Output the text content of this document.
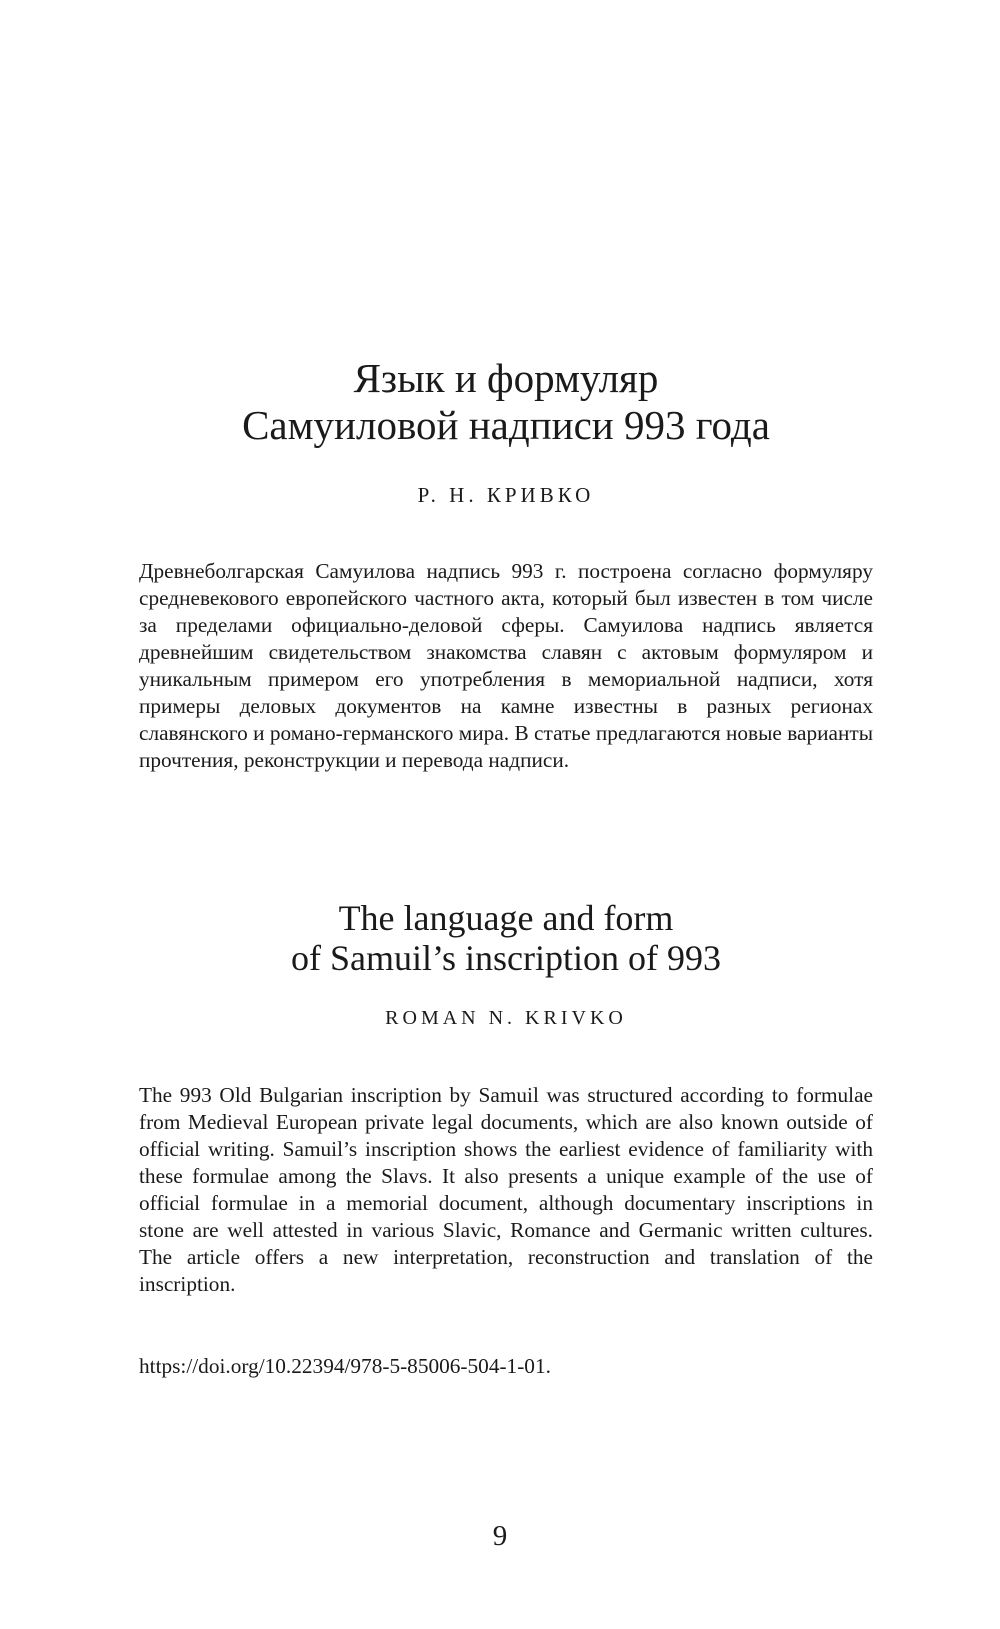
Язык и формуляр
Самуиловой надписи 993 года

Р. Н. КРИВКО

Древнеболгарская Самуилова надпись 993 г. построена согласно формуляру средневекового европейского частного акта, который был известен в том числе за пределами официально-деловой сферы. Самуилова надпись является древнейшим свидетельством знакомства славян с актовым формуляром и уникальным примером его употребления в мемориальной надписи, хотя примеры деловых документов на камне известны в разных регионах славянского и романо-германского мира. В статье предлагаются новые варианты прочтения, реконструкции и перевода надписи.

The language and form
of Samuil’s inscription of 993

ROMAN N. KRIVKO

The 993 Old Bulgarian inscription by Samuil was structured according to formulae from Medieval European private legal documents, which are also known outside of official writing. Samuil’s inscription shows the earliest evidence of familiarity with these formulae among the Slavs. It also presents a unique example of the use of official formulae in a memorial document, although documentary inscriptions in stone are well attested in various Slavic, Romance and Germanic written cultures. The article offers a new interpretation, reconstruction and translation of the inscription.

https://doi.org/10.22394/978-5-85006-504-1-01.
9
